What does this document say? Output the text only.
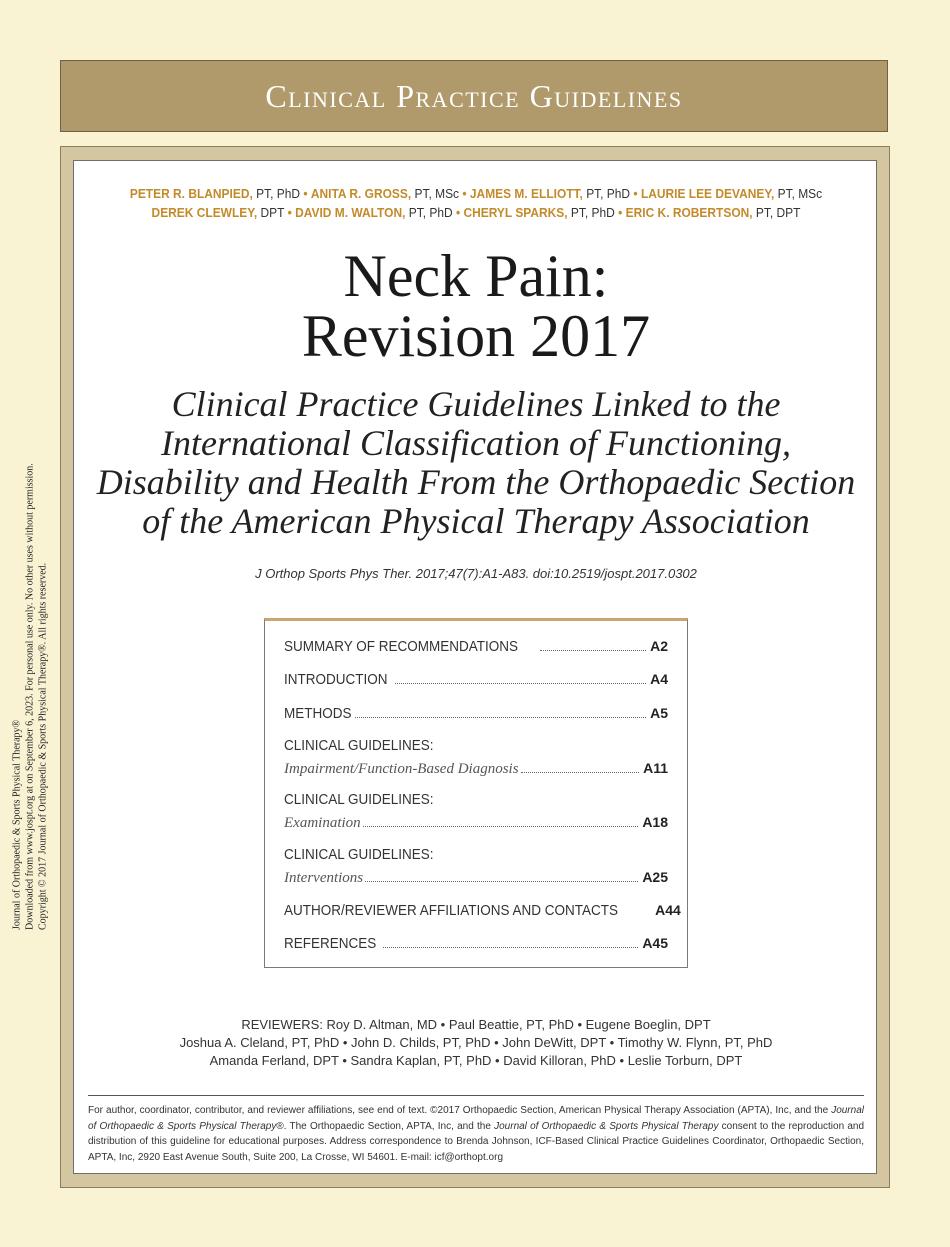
Journal of Orthopaedic & Sports Physical Therapy® Downloaded from www.jospt.org at on September 6, 2023. For personal use only. No other uses without permission. Copyright © 2017 Journal of Orthopaedic & Sports Physical Therapy®. All rights reserved.
Clinical Practice Guidelines
PETER R. BLANPIED, PT, PhD • ANITA R. GROSS, PT, MSc • JAMES M. ELLIOTT, PT, PhD • LAURIE LEE DEVANEY, PT, MSc
DEREK CLEWLEY, DPT • DAVID M. WALTON, PT, PhD • CHERYL SPARKS, PT, PhD • ERIC K. ROBERTSON, PT, DPT
Neck Pain:
Revision 2017
Clinical Practice Guidelines Linked to the
International Classification of Functioning,
Disability and Health From the Orthopaedic Section
of the American Physical Therapy Association
J Orthop Sports Phys Ther. 2017;47(7):A1-A83. doi:10.2519/jospt.2017.0302
SUMMARY OF RECOMMENDATIONS	A2
INTRODUCTION	A4
METHODS	A5
CLINICAL GUIDELINES:
Impairment/Function-Based Diagnosis	A11
CLINICAL GUIDELINES:
Examination	A18
CLINICAL GUIDELINES:
Interventions	A25
AUTHOR/REVIEWER AFFILIATIONS AND CONTACTS	A44
REFERENCES	A45
REVIEWERS: Roy D. Altman, MD • Paul Beattie, PT, PhD • Eugene Boeglin, DPT
Joshua A. Cleland, PT, PhD • John D. Childs, PT, PhD • John DeWitt, DPT • Timothy W. Flynn, PT, PhD
Amanda Ferland, DPT • Sandra Kaplan, PT, PhD • David Killoran, PhD • Leslie Torburn, DPT
For author, coordinator, contributor, and reviewer affiliations, see end of text. ©2017 Orthopaedic Section, American Physical Therapy Association (APTA), Inc, and the Journal of Orthopaedic & Sports Physical Therapy®. The Orthopaedic Section, APTA, Inc, and the Journal of Orthopaedic & Sports Physical Therapy consent to the reproduction and distribution of this guideline for educational purposes. Address correspondence to Brenda Johnson, ICF-Based Clinical Practice Guidelines Coordinator, Orthopaedic Section, APTA, Inc, 2920 East Avenue South, Suite 200, La Crosse, WI 54601. E-mail: icf@orthopt.org
